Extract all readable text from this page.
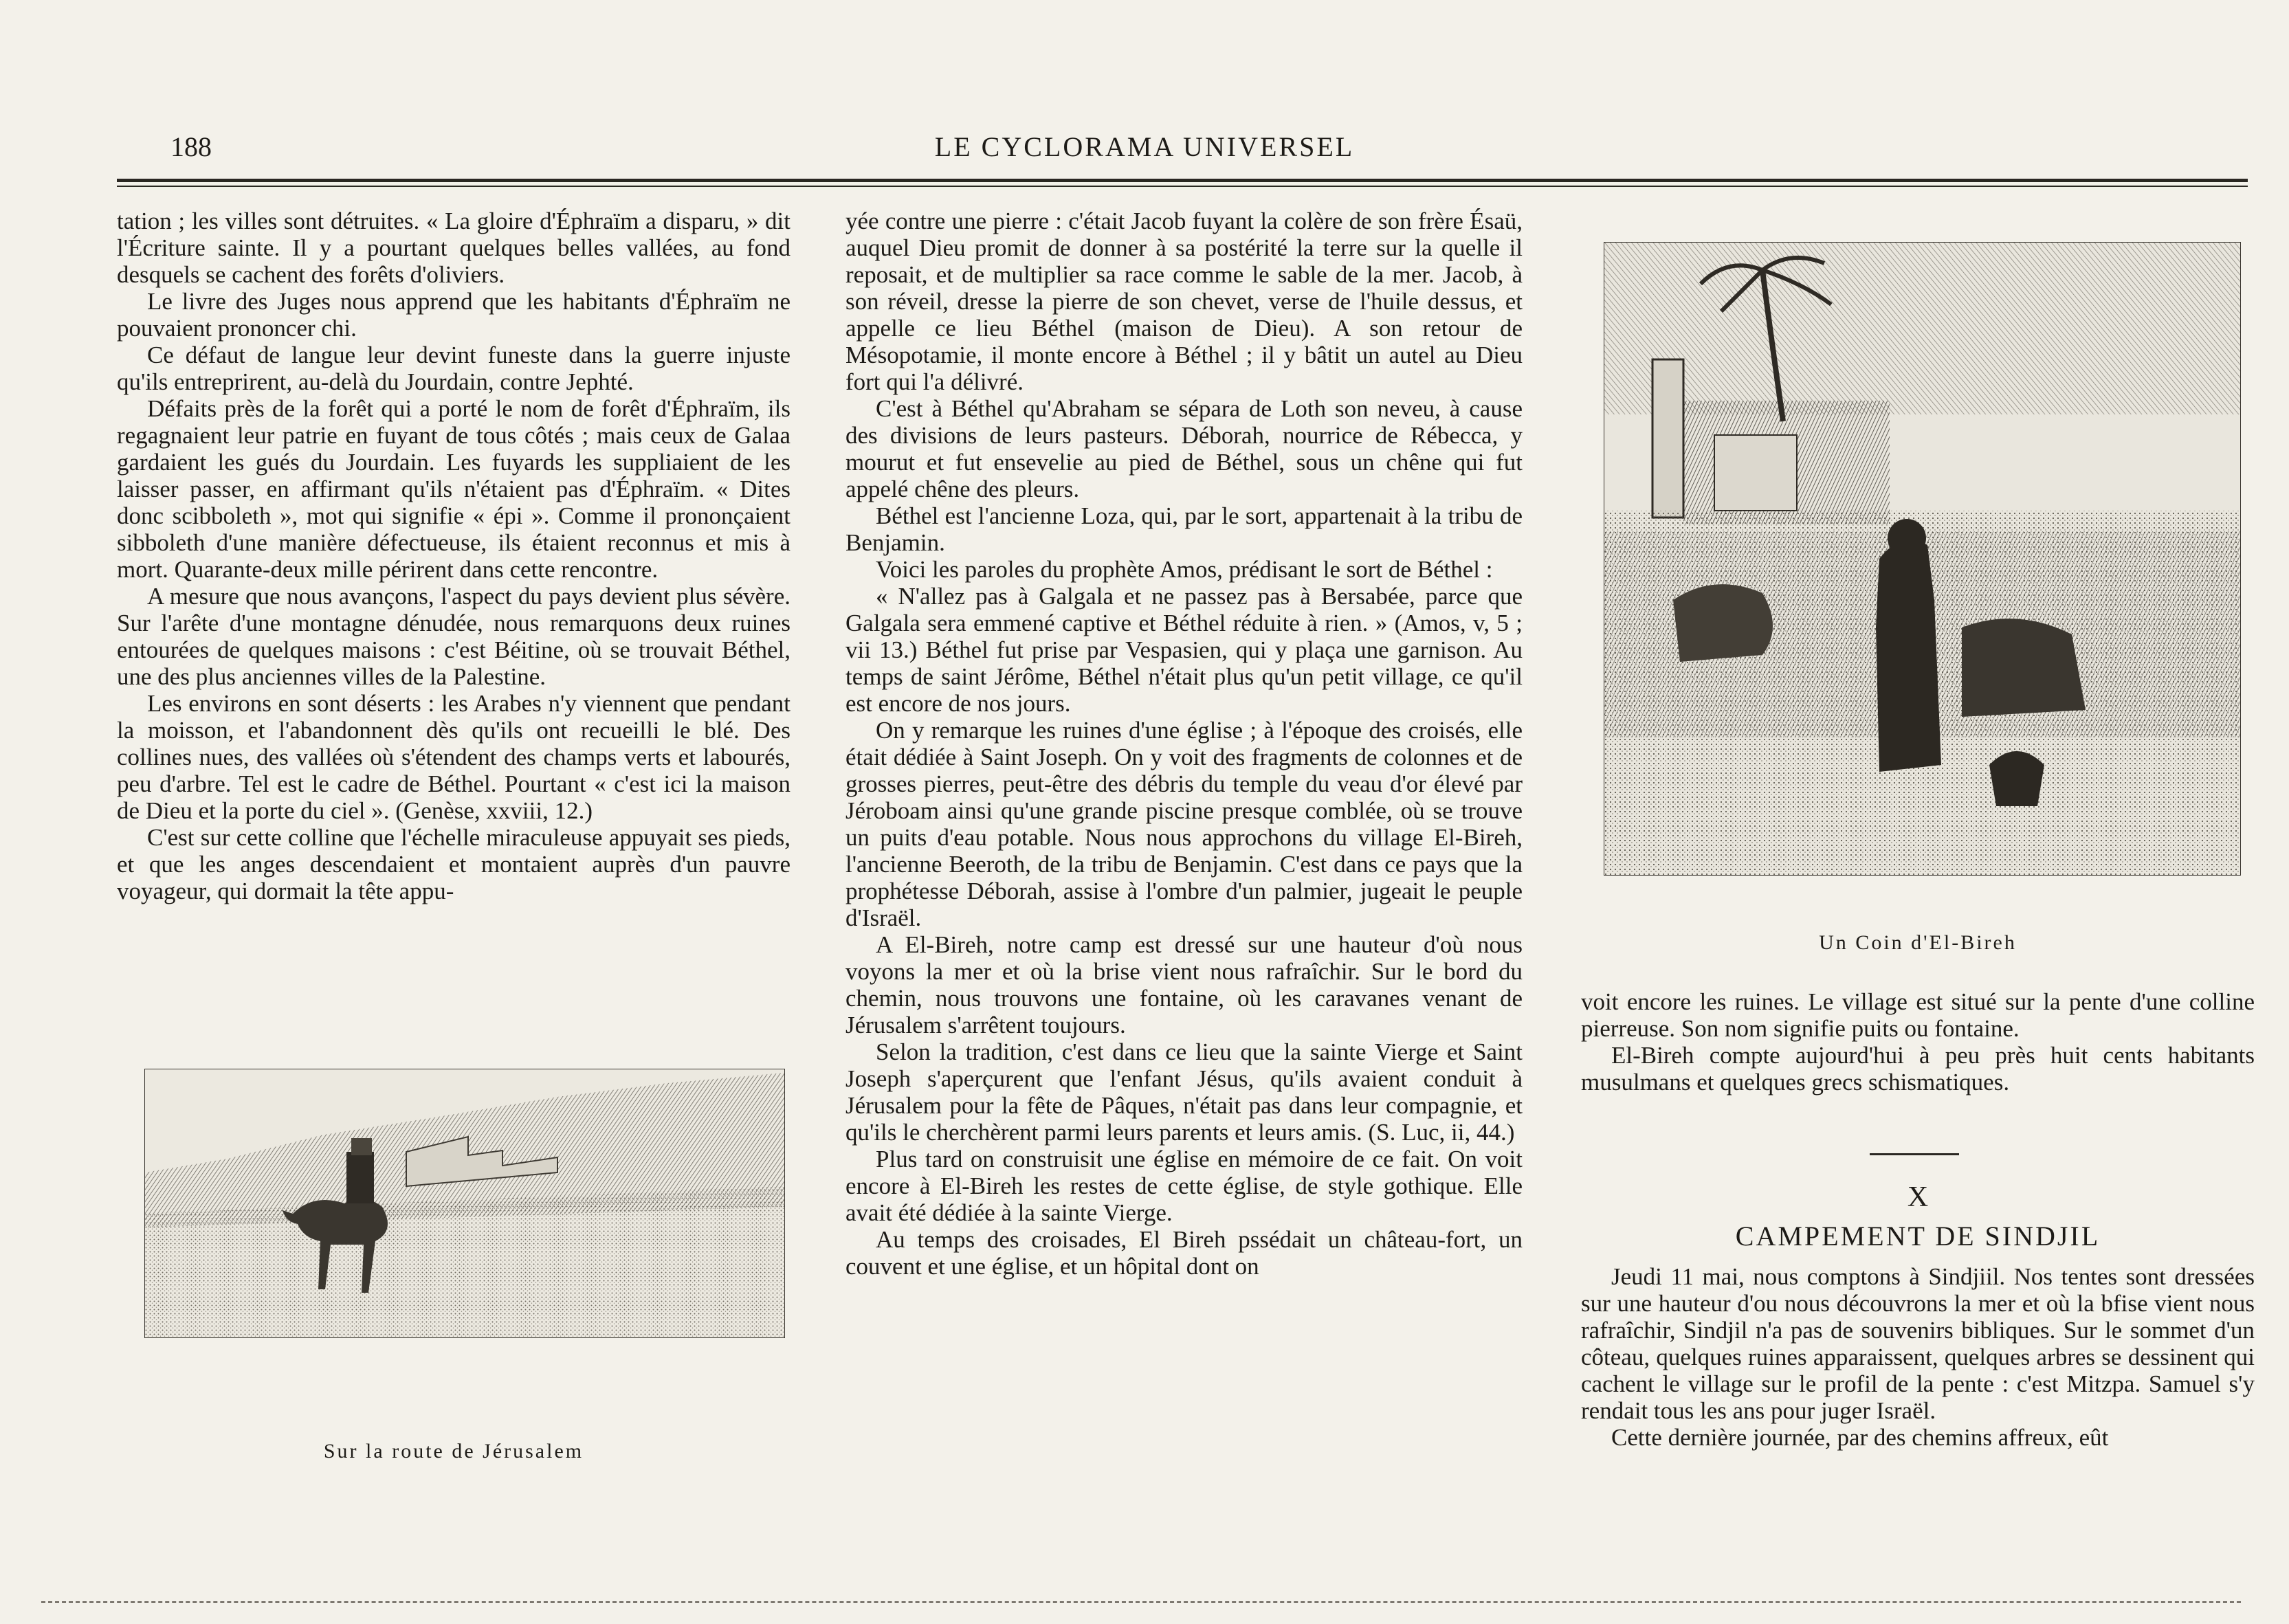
188	LE CYCLORAMA UNIVERSEL

tation ; les villes sont détruites. « La gloire d'Éphraïm a disparu, » dit l'Écriture sainte. Il y a pourtant quelques belles vallées, au fond desquels se cachent des forêts d'oliviers.

Le livre des Juges nous apprend que les habitants d'Éphraïm ne pouvaient prononcer chi.

Ce défaut de langue leur devint funeste dans la guerre injuste qu'ils entreprirent, au-delà du Jourdain, contre Jephté.

Défaits près de la forêt qui a porté le nom de forêt d'Éphraïm, ils regagnaient leur patrie en fuyant de tous côtés ; mais ceux de Galaa gardaient les gués du Jourdain. Les fuyards les suppliaient de les laisser passer, en affirmant qu'ils n'étaient pas d'Éphraïm. « Dites donc scibboleth », mot qui signifie « épi ». Comme il prononçaient sibboleth d'une manière défectueuse, ils étaient reconnus et mis à mort. Quarante-deux mille périrent dans cette rencontre.

A mesure que nous avançons, l'aspect du pays devient plus sévère. Sur l'arête d'une montagne dénudée, nous remarquons deux ruines entourées de quelques maisons : c'est Béitine, où se trouvait Béthel, une des plus anciennes villes de la Palestine.

Les environs en sont déserts : les Arabes n'y viennent que pendant la moisson, et l'abandonnent dès qu'ils ont recueilli le blé. Des collines nues, des vallées où s'étendent des champs verts et labourés, peu d'arbre. Tel est le cadre de Béthel. Pourtant « c'est ici la maison de Dieu et la porte du ciel ». (Genèse, xxviii, 12.)

C'est sur cette colline que l'échelle miraculeuse appuyait ses pieds, et que les anges descendaient et montaient auprès d'un pauvre voyageur, qui dormait la tête appu-

Sur la route de Jérusalem

yée contre une pierre : c'était Jacob fuyant la colère de son frère Ésaü, auquel Dieu promit de donner à sa postérité la terre sur la quelle il reposait, et de multiplier sa race comme le sable de la mer. Jacob, à son réveil, dresse la pierre de son chevet, verse de l'huile dessus, et appelle ce lieu Béthel (maison de Dieu). A son retour de Mésopotamie, il monte encore à Béthel ; il y bâtit un autel au Dieu fort qui l'a délivré.

C'est à Béthel qu'Abraham se sépara de Loth son neveu, à cause des divisions de leurs pasteurs. Déborah, nourrice de Rébecca, y mourut et fut ensevelie au pied de Béthel, sous un chêne qui fut appelé chêne des pleurs.

Béthel est l'ancienne Loza, qui, par le sort, appartenait à la tribu de Benjamin.

Voici les paroles du prophète Amos, prédisant le sort de Béthel :

« N'allez pas à Galgala et ne passez pas à Bersabée, parce que Galgala sera emmené captive et Béthel réduite à rien. » (Amos, v, 5 ; vii 13.) Béthel fut prise par Vespasien, qui y plaça une garnison. Au temps de saint Jérôme, Béthel n'était plus qu'un petit village, ce qu'il est encore de nos jours.

On y remarque les ruines d'une église ; à l'époque des croisés, elle était dédiée à Saint Joseph. On y voit des fragments de colonnes et de grosses pierres, peut-être des débris du temple du veau d'or élevé par Jéroboam ainsi qu'une grande piscine presque comblée, où se trouve un puits d'eau potable. Nous nous approchons du village El-Bireh, l'ancienne Beeroth, de la tribu de Benjamin. C'est dans ce pays que la prophétesse Déborah, assise à l'ombre d'un palmier, jugeait le peuple d'Israël.

A El-Bireh, notre camp est dressé sur une hauteur d'où nous voyons la mer et où la brise vient nous rafraîchir. Sur le bord du chemin, nous trouvons une fontaine, où les caravanes venant de Jérusalem s'arrêtent toujours.

Selon la tradition, c'est dans ce lieu que la sainte Vierge et Saint Joseph s'aperçurent que l'enfant Jésus, qu'ils avaient conduit à Jérusalem pour la fête de Pâques, n'était pas dans leur compagnie, et qu'ils le cherchèrent parmi leurs parents et leurs amis. (S. Luc, ii, 44.)

Plus tard on construisit une église en mémoire de ce fait. On voit encore à El-Bireh les restes de cette église, de style gothique. Elle avait été dédiée à la sainte Vierge.

Au temps des croisades, El Bireh pssédait un château-fort, un couvent et une église, et un hôpital dont on

Un Coin d'El-Bireh

voit encore les ruines. Le village est situé sur la pente d'une colline pierreuse. Son nom signifie puits ou fontaine.

El-Bireh compte aujourd'hui à peu près huit cents habitants musulmans et quelques grecs schismatiques.

X
CAMPEMENT DE SINDJIL

Jeudi 11 mai, nous comptons à Sindjiil. Nos tentes sont dressées sur une hauteur d'ou nous découvrons la mer et où la bfise vient nous rafraîchir, Sindjil n'a pas de souvenirs bibliques. Sur le sommet d'un côteau, quelques ruines apparaissent, quelques arbres se dessinent qui cachent le village sur le profil de la pente : c'est Mitzpa. Samuel s'y rendait tous les ans pour juger Israël.

Cette dernière journée, par des chemins affreux, eût
